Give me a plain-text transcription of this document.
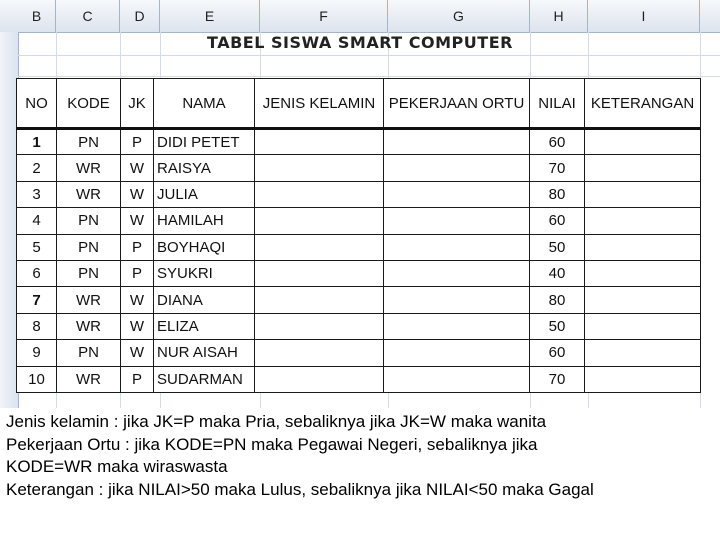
B	C	D	E	F	G	H	I
TABEL SISWA SMART COMPUTER
NO	KODE	JK	NAMA	JENIS KELAMIN	PEKERJAAN ORTU	NILAI	KETERANGAN
1	PN	P	DIDI PETET			60	
2	WR	W	RAISYA			70	
3	WR	W	JULIA			80	
4	PN	W	HAMILAH			60	
5	PN	P	BOYHAQI			50	
6	PN	P	SYUKRI			40	
7	WR	W	DIANA			80	
8	WR	W	ELIZA			50	
9	PN	W	NUR AISAH			60	
10	WR	P	SUDARMAN			70	
Jenis kelamin : jika JK=P maka Pria, sebaliknya jika JK=W maka wanita
Pekerjaan Ortu : jika KODE=PN maka Pegawai Negeri, sebaliknya jika
KODE=WR maka wiraswasta
Keterangan : jika NILAI>50 maka Lulus, sebaliknya jika NILAI<50 maka Gagal
